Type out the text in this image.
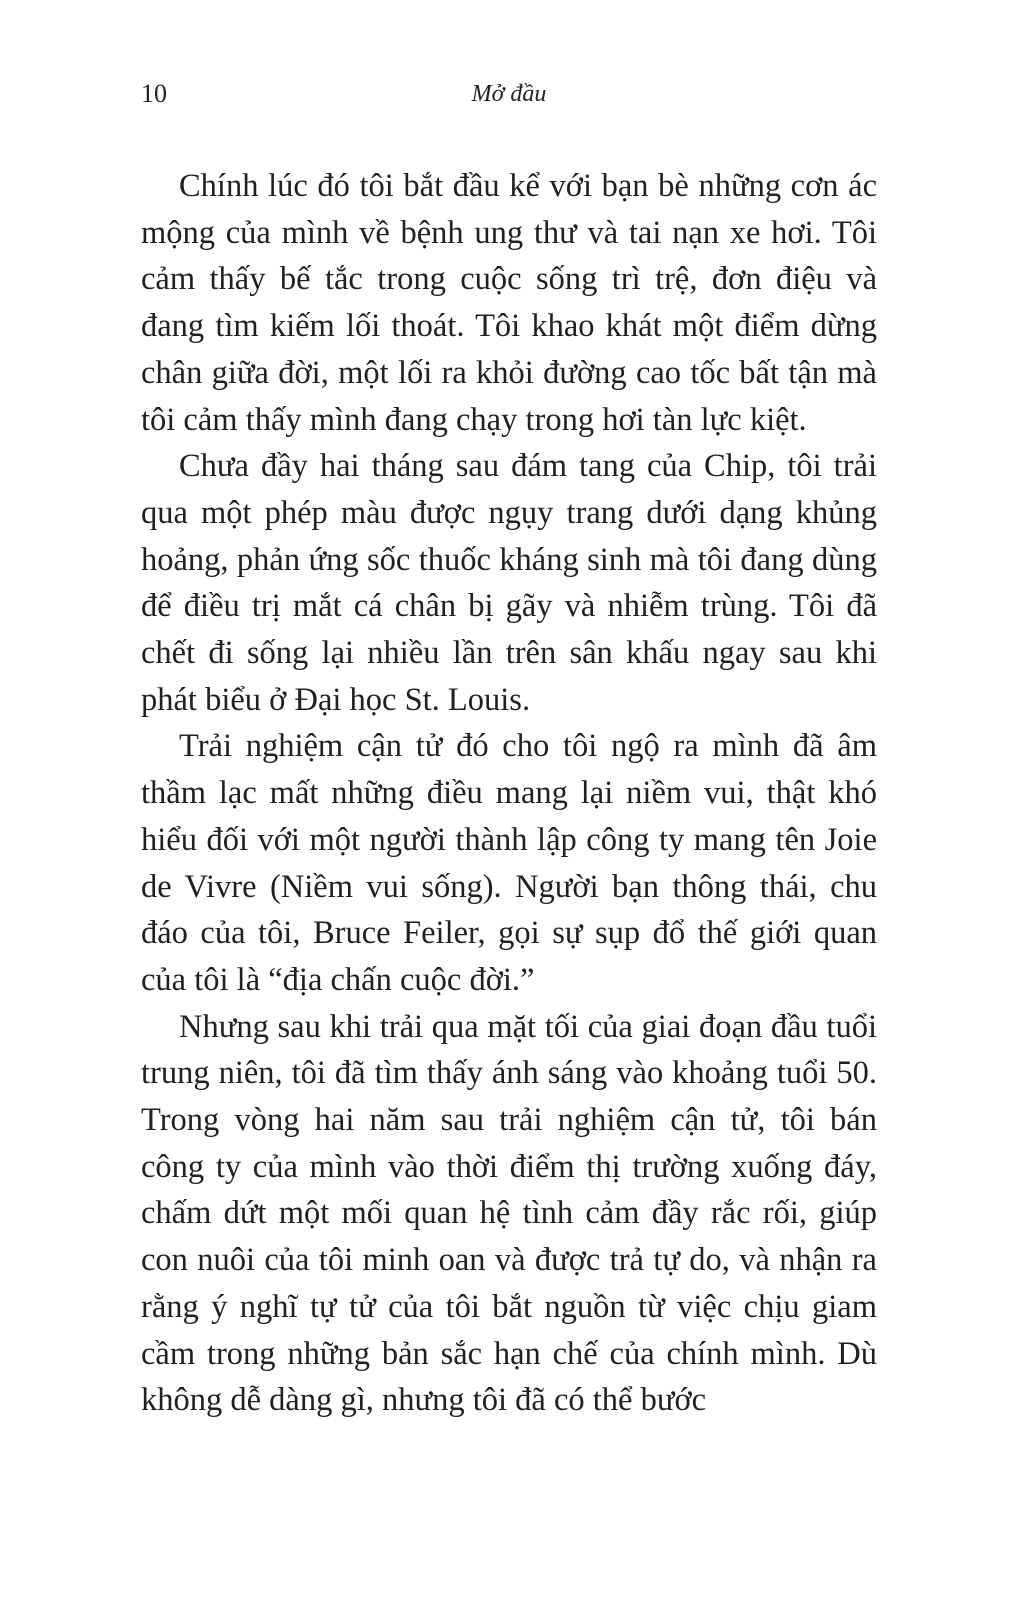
10	Mở đầu

Chính lúc đó tôi bắt đầu kể với bạn bè những cơn ác mộng của mình về bệnh ung thư và tai nạn xe hơi. Tôi cảm thấy bế tắc trong cuộc sống trì trệ, đơn điệu và đang tìm kiếm lối thoát. Tôi khao khát một điểm dừng chân giữa đời, một lối ra khỏi đường cao tốc bất tận mà tôi cảm thấy mình đang chạy trong hơi tàn lực kiệt.

Chưa đầy hai tháng sau đám tang của Chip, tôi trải qua một phép màu được ngụy trang dưới dạng khủng hoảng, phản ứng sốc thuốc kháng sinh mà tôi đang dùng để điều trị mắt cá chân bị gãy và nhiễm trùng. Tôi đã chết đi sống lại nhiều lần trên sân khấu ngay sau khi phát biểu ở Đại học St. Louis.

Trải nghiệm cận tử đó cho tôi ngộ ra mình đã âm thầm lạc mất những điều mang lại niềm vui, thật khó hiểu đối với một người thành lập công ty mang tên Joie de Vivre (Niềm vui sống). Người bạn thông thái, chu đáo của tôi, Bruce Feiler, gọi sự sụp đổ thế giới quan của tôi là “địa chấn cuộc đời.”

Nhưng sau khi trải qua mặt tối của giai đoạn đầu tuổi trung niên, tôi đã tìm thấy ánh sáng vào khoảng tuổi 50. Trong vòng hai năm sau trải nghiệm cận tử, tôi bán công ty của mình vào thời điểm thị trường xuống đáy, chấm dứt một mối quan hệ tình cảm đầy rắc rối, giúp con nuôi của tôi minh oan và được trả tự do, và nhận ra rằng ý nghĩ tự tử của tôi bắt nguồn từ việc chịu giam cầm trong những bản sắc hạn chế của chính mình. Dù không dễ dàng gì, nhưng tôi đã có thể bước
